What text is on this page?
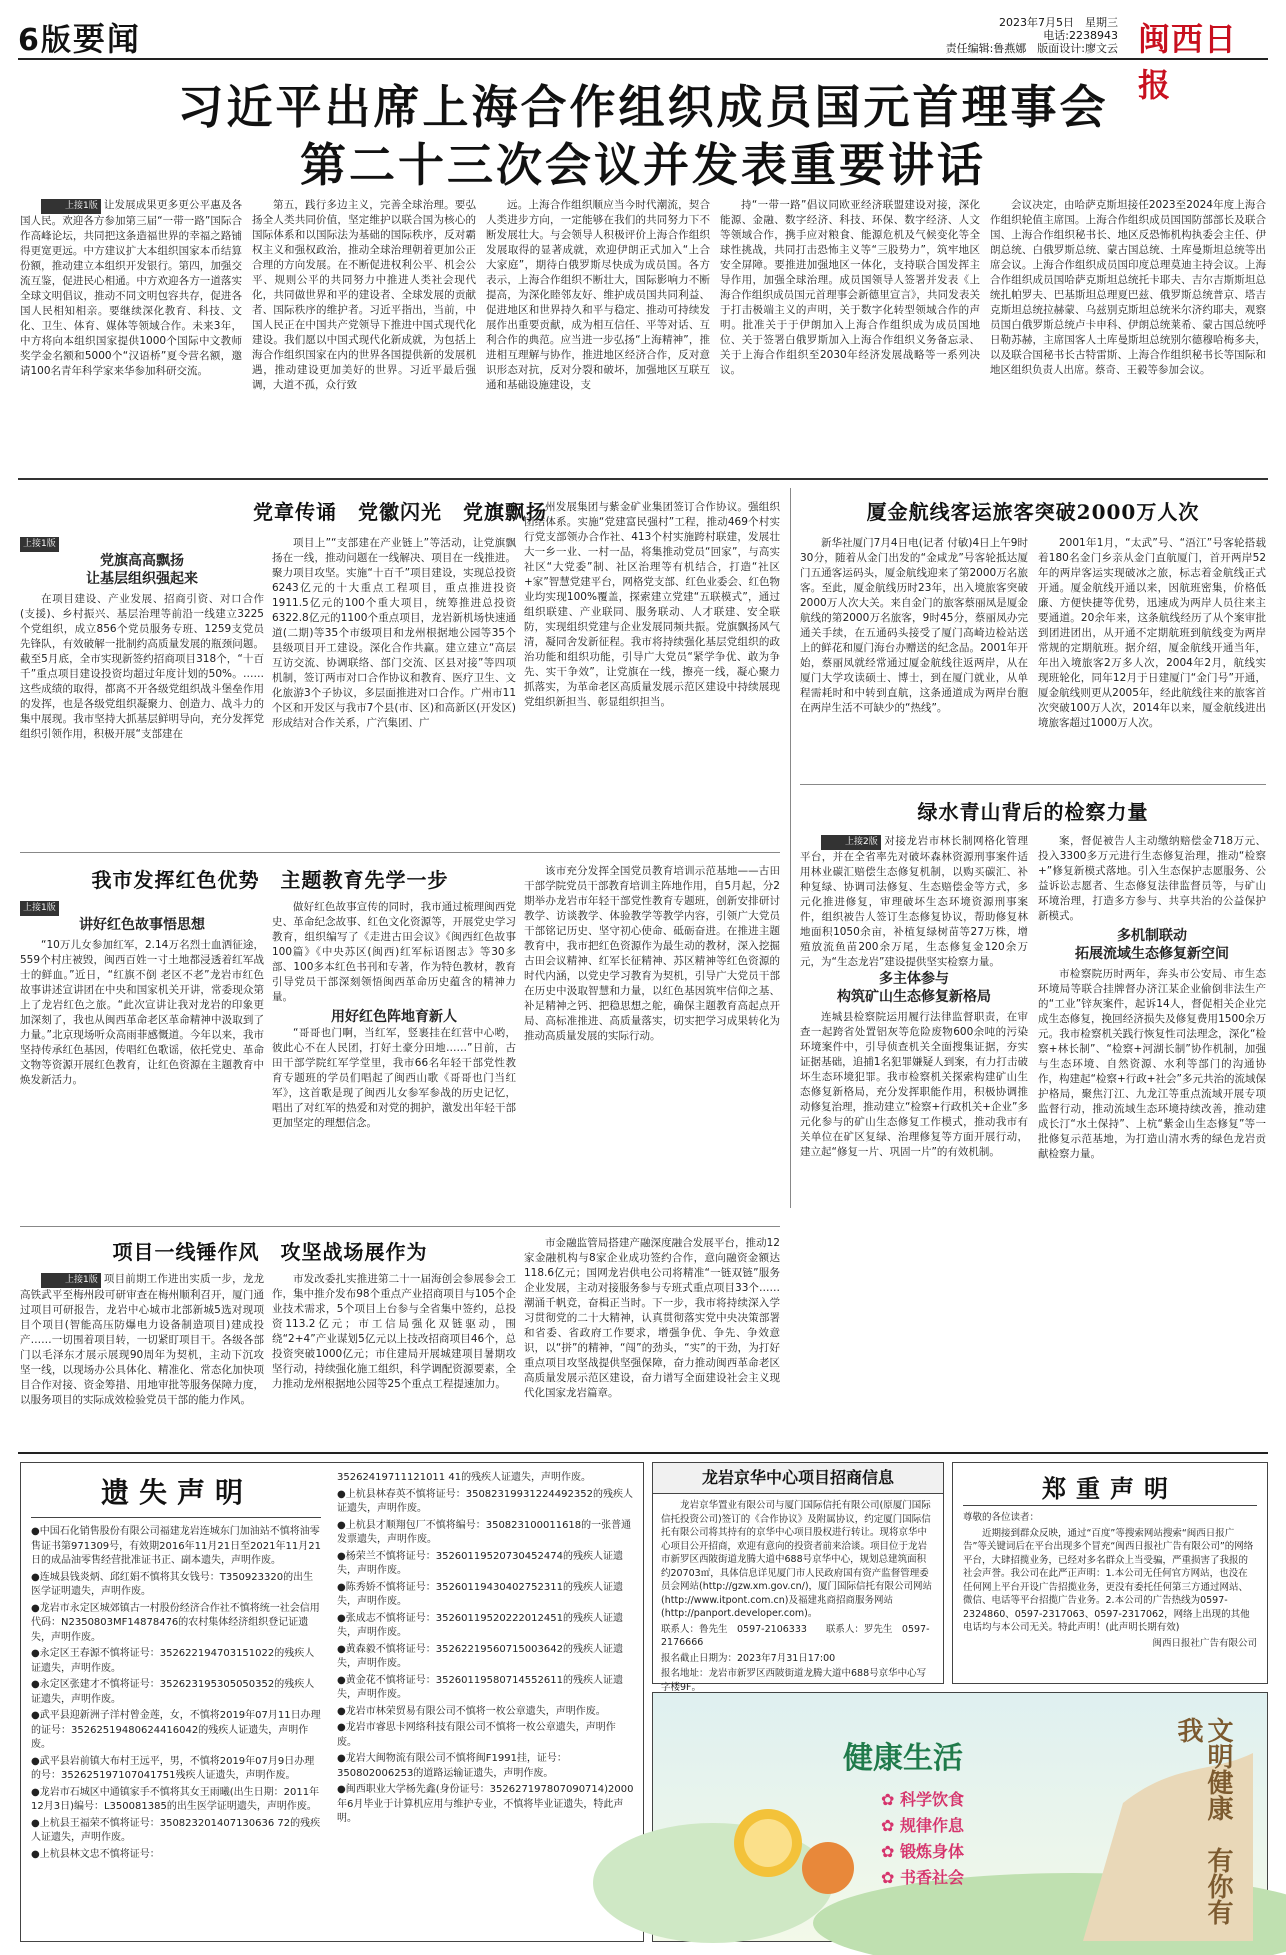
6版要闻	2023年7月5日　星期三
电话:2238943
责任编辑:鲁燕娜　版面设计:廖文云 闽西日报
习近平出席上海合作组织成员国元首理事会
第二十三次会议并发表重要讲话

上接1版 让发展成果更多更公平惠及各国人民。欢迎各方参加第三届“一带一路”国际合作高峰论坛，共同把这条造福世界的幸福之路铺得更宽更远。中方建议扩大本组织国家本币结算份额，推动建立本组织开发银行。第四，加强交流互鉴，促进民心相通。中方欢迎各方一道落实全球文明倡议，推动不同文明包容共存，促进各国人民相知相亲。要继续深化教育、科技、文化、卫生、体育、媒体等领域合作。未来3年，中方将向本组织国家提供1000个国际中文教师奖学金名额和5000个“汉语桥”夏令营名额，邀请100名青年科学家来华参加科研交流。

第五，践行多边主义，完善全球治理。要弘扬全人类共同价值，坚定维护以联合国为核心的国际体系和以国际法为基础的国际秩序，反对霸权主义和强权政治，推动全球治理朝着更加公正合理的方向发展。在不断促进权利公平、机会公平、规则公平的共同努力中推进人类社会现代化，共同做世界和平的建设者、全球发展的贡献者、国际秩序的维护者。习近平指出，当前，中国人民正在中国共产党领导下推进中国式现代化建设。我们愿以中国式现代化新成就，为包括上海合作组织国家在内的世界各国提供新的发展机遇，推动建设更加美好的世界。习近平最后强调，大道不孤，众行致

远。上海合作组织顺应当今时代潮流，契合人类进步方向，一定能够在我们的共同努力下不断发展壮大。与会领导人积极评价上海合作组织发展取得的显著成就，欢迎伊朗正式加入“上合大家庭”，期待白俄罗斯尽快成为成员国。各方表示，上海合作组织不断壮大，国际影响力不断提高，为深化睦邻友好、维护成员国共同利益、促进地区和世界持久和平与稳定、推动可持续发展作出重要贡献，成为相互信任、平等对话、互利合作的典范。应当进一步弘扬“上海精神”，推进相互理解与协作，推进地区经济合作，反对意识形态对抗，反对分裂和破坏，加强地区互联互通和基础设施建设，支

持“一带一路”倡议同欧亚经济联盟建设对接，深化能源、金融、数字经济、科技、环保、数字经济、人文等领域合作，携手应对粮食、能源危机及气候变化等全球性挑战，共同打击恐怖主义等“三股势力”，筑牢地区安全屏障。要推进加强地区一体化，支持联合国发挥主导作用，加强全球治理。成员国领导人签署并发表《上海合作组织成员国元首理事会新德里宣言》，共同发表关于打击极端主义的声明，关于数字化转型领域合作的声明。批准关于于伊朗加入上海合作组织成为成员国地位、关于签署白俄罗斯加入上海合作组织义务备忘录、关于上海合作组织至2030年经济发展战略等一系列决议。

会议决定，由哈萨克斯坦接任2023至2024年度上海合作组织轮值主席国。上海合作组织成员国国防部部长及联合国、上海合作组织秘书长、地区反恐怖机构执委会主任、伊朗总统、白俄罗斯总统、蒙古国总统、土库曼斯坦总统等出席会议。上海合作组织成员国印度总理莫迪主持会议。上海合作组织成员国哈萨克斯坦总统托卡耶夫、吉尔吉斯斯坦总统扎帕罗夫、巴基斯坦总理夏巴兹、俄罗斯总统普京、塔吉克斯坦总统拉赫蒙、乌兹别克斯坦总统米尔济约耶夫，观察员国白俄罗斯总统卢卡申科、伊朗总统莱希、蒙古国总统呼日勒苏赫，主席国客人土库曼斯坦总统别尔德穆哈梅多夫，以及联合国秘书长古特雷斯、上海合作组织秘书长等国际和地区组织负责人出席。蔡奇、王毅等参加会议。

党章传诵　党徽闪光　党旗飘扬
上接1版
党旗高高飘扬
让基层组织强起来

在项目建设、产业发展、招商引资、对口合作(支援)、乡村振兴、基层治理等前沿一线建立3225个党组织，成立856个党员服务专班、1259支党员先锋队，有效破解一批制约高质量发展的瓶颈问题。截至5月底，全市实现新签约招商项目318个，“十百千”重点项目建设投资均超过年度计划的50%。……这些成绩的取得，都离不开各级党组织战斗堡垒作用的发挥，也是各级党组织凝聚力、创造力、战斗力的集中展现。我市坚持大抓基层鲜明导向，充分发挥党组织引领作用，积极开展“支部建在

项目上”“支部建在产业链上”等活动，让党旗飘扬在一线，推动问题在一线解决、项目在一线推进。聚力项目攻坚。实施“十百千”项目建设，实现总投资6243亿元的十大重点工程项目，重点推进投资1911.5亿元的100个重大项目，统筹推进总投资6322.8亿元的1100个重点项目，龙岩新机场快速通道(二期)等35个市级项目和龙州根据地公园等35个县级项目开工建设。深化合作共赢。建立建立“高层互访交流、协调联络、部门交流、区县对接”等四项机制，签订两市对口合作协议和教育、医疗卫生、文化旅游3个子协议，多层面推进对口合作。广州市11个区和开发区与我市7个县(市、区)和高新区(开发区)形成结对合作关系，广汽集团、广

州发展集团与紫金矿业集团签订合作协议。强组织团结体系。实施“党建富民强村”工程，推动469个村实行党支部领办合作社、413个村实施跨村联建，发展壮大一乡一业、一村一品，将集推动党员“回家”，与高实社区“大党委”制、社区治理等有机结合，打造“社区+家”智慧党建平台，网格党支部、红色业委会、红色物业均实现100%覆盖，探索建立党建“五联模式”，通过组织联建、产业联同、服务联动、人才联建、安全联防，实现组织党建与企业发展同频共振。党旗飘扬风气清，凝同舍发新征程。我市将持续强化基层党组织的政治功能和组织功能，引导广大党员“紧学争优、敢为争先、实干争效”，让党旗在一线，擦亮一线，凝心聚力抓落实，为革命老区高质量发展示范区建设中持续展现党组织新担当、彰显组织担当。

厦金航线客运旅客突破2000万人次

新华社厦门7月4日电(记者 付敏)4日上午9时30分，随着从金门出发的“金咸龙”号客轮抵达厦门五通客运码头，厦金航线迎来了第2000万名旅客。至此，厦金航线历时23年，出入境旅客突破2000万人次大关。来自金门的旅客蔡丽凤是厦金航线的第2000万名旅客，9时45分，蔡丽凤办完通关手续，在五通码头接受了厦门高崎边检站送上的鲜花和厦门海台办赠送的纪念品。2001年开始，蔡丽凤就经常通过厦金航线往返两岸，从在厦门大学攻读硕士、博士，到在厦门就业，从单程需耗时和中转到直航，这条通道成为两岸台胞在两岸生活不可缺少的“热线”。

2001年1月，“太武”号、“浯江”号客轮搭载着180名金门乡亲从金门直航厦门，首开两岸52年的两岸客运实现破冰之旅，标志着金航线正式开通。厦金航线开通以来，因航班密集，价格低廉、方便快捷等优势，迅速成为两岸人员往来主要通道。20余年来，这条航线经历了从个案审批到团进团出，从开通不定期航班到航线变为两岸常规的定期航班。据介绍，厦金航线开通当年，年出入境旅客2万多人次，2004年2月，航线实现班轮化，同年12月于日建厦门“金门号”开通，厦金航线则更从2005年，经此航线往来的旅客首次突破100万人次，2014年以来，厦金航线进出境旅客超过1000万人次。

绿水青山背后的检察力量

上接2版 对接龙岩市林长制网格化管理平台，并在全省率先对破坏森林资源刑事案件适用林业碳汇赔偿生态修复机制，以购买碳汇、补种复绿、协调司法修复、生态赔偿金等方式，多元化推进修复，审理破坏生态环境资源刑事案件，组织被告人签订生态修复协议，帮助修复林地面积1050余亩，补植复绿树苗等27万株，增殖放流鱼苗200余万尾，生态修复金120余万元，为“生态龙岩”建设提供坚实检察力量。

多主体参与
构筑矿山生态修复新格局

连城县检察院运用履行法律监督职责，在审查一起跨省处置铝灰等危险废物600余吨的污染环境案件中，引导侦查机关全面搜集证据，夯实证据基础，追捕1名犯罪嫌疑人到案，有力打击破坏生态环境犯罪。我市检察机关探索构建矿山生态修复新格局，充分发挥职能作用，积极协调推动修复治理，推动建立“检察+行政机关+企业”多元化参与的矿山生态修复工作模式，推动我市有关单位在矿区复绿、治理修复等方面开展行动，建立起“修复一片、巩固一片”的有效机制。

案，督促被告人主动缴纳赔偿金718万元、投入3300多万元进行生态修复治理，推动“检察+”修复新模式落地。引入生态保护志愿服务、公益诉讼志愿者、生态修复法律监督员等，与矿山环境治理，打造多方参与、共享共治的公益保护新模式。

多机制联动
拓展流域生态修复新空间

市检察院历时两年，奔头市公安局、市生态环境局等联合挂牌督办济江某企业偷倒非法生产的“工业”锌灰案件，起诉14人，督促相关企业完成生态修复，挽回经济损失及修复费用1500余万元。我市检察机关践行恢复性司法理念，深化“检察+林长制”、“检察+河湖长制”协作机制，加强与生态环境、自然资源、水利等部门的沟通协作，构建起“检察+行政+社会”多元共治的流域保护格局，聚焦汀江、九龙江等重点流域开展专项监督行动，推动流域生态环境持续改善，推动建成长汀“水土保持”、上杭“紫金山生态修复”等一批修复示范基地，为打造山清水秀的绿色龙岩贡献检察力量。

我市发挥红色优势　主题教育先学一步
上接1版
讲好红色故事悟思想

“10万儿女参加红军，2.14万名烈士血洒征途，559个村庄被毁，闽西百姓一寸土地都浸透着红军战士的鲜血。”近日，“红旗不倒 老区不老”龙岩市红色故事讲述宣讲团在中央和国家机关开讲，常委现众第上了龙岩红色之旅。“此次宣讲让我对龙岩的印象更加深刻了，我也从闽西革命老区革命精神中汲取到了力量。”北京现场听众高雨菲感慨道。今年以来，我市坚持传承红色基因，传唱红色歌谣，依托党史、革命文物等资源开展红色教育，让红色资源在主题教育中焕发新活力。

做好红色故事宣传的同时，我市通过梳理闽西党史、革命纪念故事、红色文化资源等，开展党史学习教育，组织编写了《走进古田会议》《闽西红色故事100篇》《中央苏区(闽西)红军标语图志》等30多部、100多本红色书刊和专著，作为特色教材，教育引导党员干部深刻领悟闽西革命历史蕴含的精神力量。

用好红色阵地育新人

“哥哥也门啊，当红军，竖裹挂在红营中心哟，彼此心不在人民团，打好土豪分田地……”日前，古田干部学院红军学堂里，我市66名年轻干部党性教育专题班的学员们唱起了闽西山歌《哥哥也门当红军》，这首歌是现了闽西儿女参军参战的历史记忆，唱出了对红军的热爱和对党的拥护，激发出年轻干部更加坚定的理想信念。

该市充分发挥全国党员教育培训示范基地——古田干部学院党员干部教育培训主阵地作用，自5月起，分2期举办龙岩市年轻干部党性教育专题班，创新安排研讨教学、访谈教学、体验教学等教学内容，引领广大党员干部铭记历史、坚守初心使命、砥砺奋进。在推进主题教育中，我市把红色资源作为最生动的教材，深入挖掘古田会议精神、红军长征精神、苏区精神等红色资源的时代内涵，以党史学习教育为契机，引导广大党员干部在历史中汲取智慧和力量，以红色基因筑牢信仰之基、补足精神之钙、把稳思想之舵，确保主题教育高起点开局、高标准推进、高质量落实，切实把学习成果转化为推动高质量发展的实际行动。

项目一线锤作风　攻坚战场展作为

上接1版 项目前期工作进出实质一步，龙龙高铁武平至梅州段可研审查在梅州顺利召开，厦门通过项目可研报告，龙岩中心城市北部新城5选对现项目个项目(智能高压防爆电力设备制造项目)建成投产……一切围着项目转，一切紧盯项目干。各级各部门以毛泽东才展示展现90周年为契机，主动下沉攻坚一线，以现场办公具体化、精准化、常态化加快项目合作对接、资金筹措、用地审批等服务保障力度，以服务项目的实际成效检验党员干部的能力作风。

市发改委扎实推进第二十一届海创会参展参会工作，集中推介发布98个重点产业招商项目与105个企业技术需求，5个项目上台参与全省集中签约，总投资113.2亿元；市工信局强化双链驱动，围绕“2+4”产业谋划5亿元以上技改招商项目46个，总投资突破1000亿元；市住建局开展城建项目暑期攻坚行动，持续强化施工组织，科学调配资源要素，全力推动龙州根据地公园等25个重点工程提速加力。

市金融监管局搭建产融深度融合发展平台，推动12家金融机构与8家企业成功签约合作，意向融资金额达118.6亿元；国网龙岩供电公司将精准“一链双链”服务企业发展，主动对接服务参与专班式重点项目33个……潮涌千帆竞，奋楫正当时。下一步，我市将持续深入学习贯彻党的二十大精神，认真贯彻落实党中央决策部署和省委、省政府工作要求，增强争优、争先、争效意识，以“拼”的精神，“闯”的劲头，“实”的干劲，为打好重点项目攻坚战提供坚强保障，奋力推动闽西革命老区高质量发展示范区建设，奋力谱写全面建设社会主义现代化国家龙岩篇章。

遗失声明

●中国石化销售股份有限公司福建龙岩连城东门加油站不慎将油零售证书第971309号，有效期2016年11月21日至2021年11月21日的成品油零售经营批准证书正、副本遗失，声明作废。

●连城县钱炎炳、邱红娟不慎将其女钱号：T350923320的出生医学证明遗失，声明作废。

●龙岩市永定区城郊镇古一村股份经济合作社不慎将统一社会信用代码：N2350803MF14878476的农村集体经济组织登记证遗失，声明作废。

●永定区王春源不慎将证号：352622194703151022的残疾人证遗失，声明作废。

●永定区张建才不慎将证号：352623195305050352的残疾人证遗失，声明作废。

●武平县迎新洲子洋村曾金莲，女，不慎将2019年07月11日办理的证号：35262519480624416042的残疾人证遗失，声明作废。

●武平县岩前镇大布村王远平，男，不慎将2019年07月9日办理的号：352625197107041751残疾人证遗失，声明作废。

●龙岩市石城区中通镇家手不慎将其女王雨曦(出生日期：2011年12月3日)编号：L350081385的出生医学证明遗失，声明作废。

●上杭县王福荣不慎将证号：350823201407130636 72的残疾人证遗失，声明作废。

●上杭县林文忠不慎将证号：

35262419711121011 41的残疾人证遗失，声明作废。

●上杭县林春英不慎将证号：35082319931224492352的残疾人证遗失，声明作废。

●上杭县才顺翔包厂不慎将编号：350823100011618的一张普通发票遗失，声明作废。

●杨荣兰不慎将证号：35260119520730452474的残疾人证遗失，声明作废。

●陈秀娇不慎将证号：35260119430402752311的残疾人证遗失，声明作废。

●张成志不慎将证号：35260119520222012451的残疾人证遗失，声明作废。

●黄森毅不慎将证号：35262219560715003642的残疾人证遗失，声明作废。

●黄金花不慎将证号：35260119580714552611的残疾人证遗失，声明作废。

●龙岩市林荣贸易有限公司不慎将一枚公章遗失，声明作废。

●龙岩市睿思卡网络科技有限公司不慎将一枚公章遗失，声明作废。

●龙岩大闽物流有限公司不慎将闽F1991挂，证号：350802006253的道路运输证遗失，声明作废。

●闽西职业大学杨先鑫(身份证号：352627197807090714)2000年6月毕业于计算机应用与维护专业，不慎将毕业证遗失，特此声明。

龙岩京华中心项目招商信息

龙岩京华置业有限公司与厦门国际信托有限公司(原厦门国际信托投资公司)签订的《合作协议》及附属协议，约定厦门国际信托有限公司将其持有的京华中心项目股权进行转让。现将京华中心项目公开招商，欢迎有意向的投资者前来洽谈。项目位于龙岩市新罗区西陂街道龙腾大道中688号京华中心，规划总建筑面积约20703㎡，具体信息详见厦门市人民政府国有资产监督管理委员会网站(http://gzw.xm.gov.cn/)，厦门国际信托有限公司网站(http://www.itpont.com.cn)及福建兆商招商服务网站(http://panport.developer.com)。

联系人：鲁先生　0597-2106333　　联系人：罗先生　0597-2176666

报名截止日期为：2023年7月31日17:00

报名地址：龙岩市新罗区西陂街道龙腾大道中688号京华中心写字楼9F。

郑重声明

尊敬的各位读者：

近期接到群众反映，通过“百度”等搜索网站搜索“闽西日报广告”等关键词后在平台出现多个冒充“闽西日报社广告有限公司”的网络平台，大肆招揽业务，已经对多名群众上当受骗，严重损害了我报的社会声誉。我公司在此严正声明：1.本公司无任何官方网站，也没在任何网上平台开设广告招揽业务，更没有委托任何第三方通过网站、微信、电话等平台招揽广告业务。2.本公司的广告热线为0597-2324860、0597-2317063、0597-2317062，网络上出现的其他电话均与本公司无关。特此声明！(此声明长期有效)

闽西日报社广告有限公司

健康生活
✿ 科学饮食
✿ 规律作息
✿ 锻炼身体
✿ 书香社会	文明健康　有你有我
